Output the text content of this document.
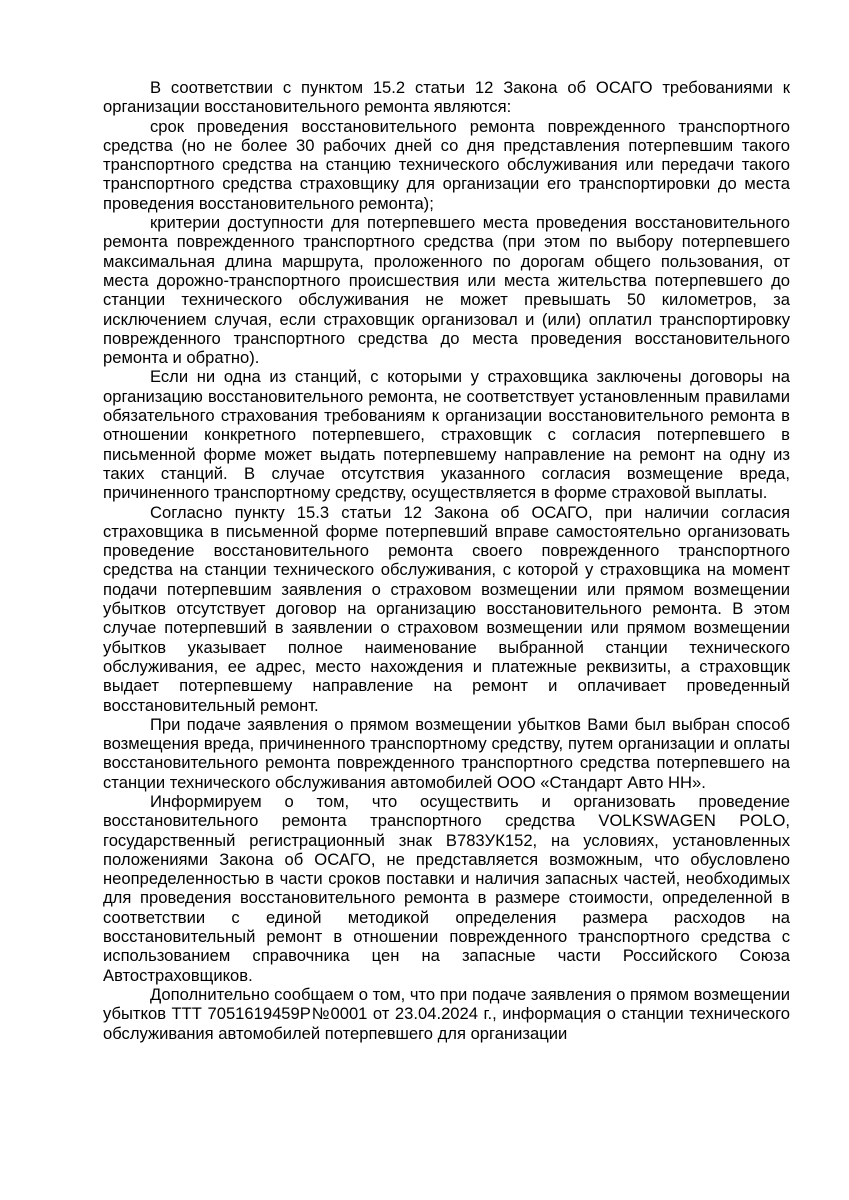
В соответствии с пунктом 15.2 статьи 12 Закона об ОСАГО требованиями к организации восстановительного ремонта являются:

срок проведения восстановительного ремонта поврежденного транспортного средства (но не более 30 рабочих дней со дня представления потерпевшим такого транспортного средства на станцию технического обслуживания или передачи такого транспортного средства страховщику для организации его транспортировки до места проведения восстановительного ремонта);

критерии доступности для потерпевшего места проведения восстановительного ремонта поврежденного транспортного средства (при этом по выбору потерпевшего максимальная длина маршрута, проложенного по дорогам общего пользования, от места дорожно-транспортного происшествия или места жительства потерпевшего до станции технического обслуживания не может превышать 50 километров, за исключением случая, если страховщик организовал и (или) оплатил транспортировку поврежденного транспортного средства до места проведения восстановительного ремонта и обратно).

Если ни одна из станций, с которыми у страховщика заключены договоры на организацию восстановительного ремонта, не соответствует установленным правилами обязательного страхования требованиям к организации восстановительного ремонта в отношении конкретного потерпевшего, страховщик с согласия потерпевшего в письменной форме может выдать потерпевшему направление на ремонт на одну из таких станций. В случае отсутствия указанного согласия возмещение вреда, причиненного транспортному средству, осуществляется в форме страховой выплаты.

Согласно пункту 15.3 статьи 12 Закона об ОСАГО, при наличии согласия страховщика в письменной форме потерпевший вправе самостоятельно организовать проведение восстановительного ремонта своего поврежденного транспортного средства на станции технического обслуживания, с которой у страховщика на момент подачи потерпевшим заявления о страховом возмещении или прямом возмещении убытков отсутствует договор на организацию восстановительного ремонта. В этом случае потерпевший в заявлении о страховом возмещении или прямом возмещении убытков указывает полное наименование выбранной станции технического обслуживания, ее адрес, место нахождения и платежные реквизиты, а страховщик выдает потерпевшему направление на ремонт и оплачивает проведенный восстановительный ремонт.

При подаче заявления о прямом возмещении убытков Вами был выбран способ возмещения вреда, причиненного транспортному средству, путем организации и оплаты восстановительного ремонта поврежденного транспортного средства потерпевшего на станции технического обслуживания автомобилей ООО «Стандарт Авто НН».

Информируем о том, что осуществить и организовать проведение восстановительного ремонта транспортного средства VOLKSWAGEN POLO, государственный регистрационный знак В783УК152, на условиях, установленных положениями Закона об ОСАГО, не представляется возможным, что обусловлено неопределенностью в части сроков поставки и наличия запасных частей, необходимых для проведения восстановительного ремонта в размере стоимости, определенной в соответствии с единой методикой определения размера расходов на восстановительный ремонт в отношении поврежденного транспортного средства с использованием справочника цен на запасные части Российского Союза Автостраховщиков.

Дополнительно сообщаем о том, что при подаче заявления о прямом возмещении убытков ТТТ 7051619459P№0001 от 23.04.2024 г., информация о станции технического обслуживания автомобилей потерпевшего для организации
